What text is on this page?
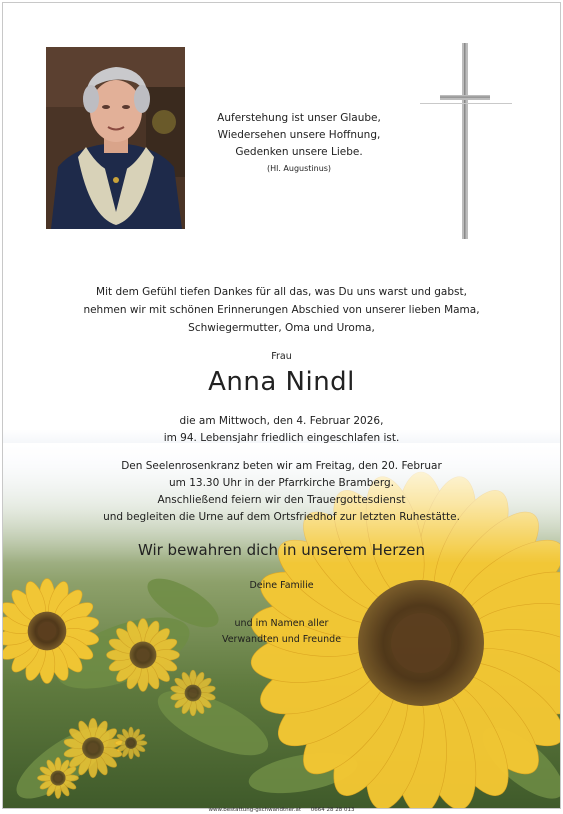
Auferstehung ist unser Glaube,
Wiedersehen unsere Hoffnung,
Gedenken unsere Liebe.
(Hl. Augustinus)
Mit dem Gefühl tiefen Dankes für all das, was Du uns warst und gabst,
nehmen wir mit schönen Erinnerungen Abschied von unserer lieben Mama,
Schwiegermutter, Oma und Uroma,
Frau
Anna Nindl
die am Mittwoch, den 4. Februar 2026,
im 94. Lebensjahr friedlich eingeschlafen ist.
Den Seelenrosenkranz beten wir am Freitag, den 20. Februar
um 13.30 Uhr in der Pfarrkirche Bramberg.
Anschließend feiern wir den Trauergottesdienst
und begleiten die Urne auf dem Ortsfriedhof zur letzten Ruhestätte.
Wir bewahren dich in unserem Herzen
Deine Familie
und im Namen aller
Verwandten und Freunde
www.bestattung-gschwandtner.at 0664 28 28 013
